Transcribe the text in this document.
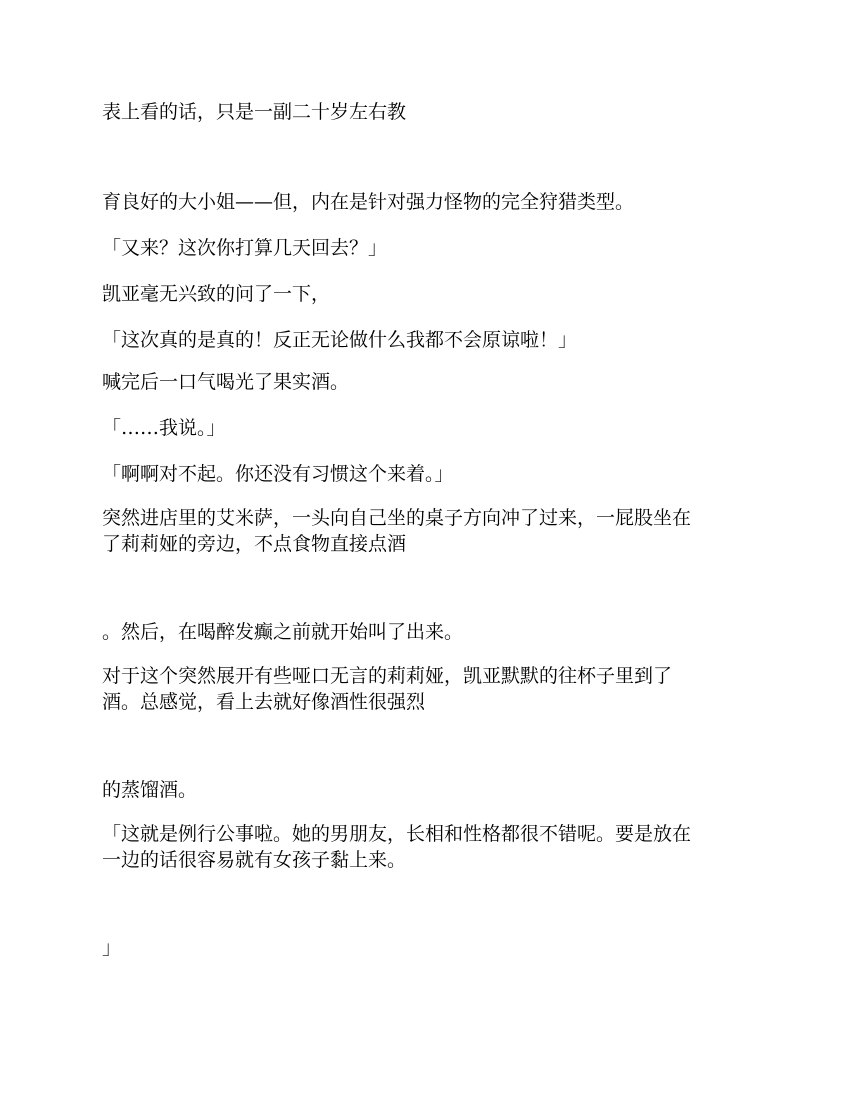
表上看的话，只是一副二十岁左右教

育良好的大小姐——但，内在是针对强力怪物的完全狩猎类型。

「又来？这次你打算几天回去？」

凯亚毫无兴致的问了一下，

「这次真的是真的！反正无论做什么我都不会原谅啦！」

喊完后一口气喝光了果实酒。

「……我说。」

「啊啊对不起。你还没有习惯这个来着。」

突然进店里的艾米萨，一头向自己坐的桌子方向冲了过来，一屁股坐在

了莉莉娅的旁边，不点食物直接点酒

。然后，在喝醉发癫之前就开始叫了出来。

对于这个突然展开有些哑口无言的莉莉娅，凯亚默默的往杯子里到了

酒。总感觉，看上去就好像酒性很强烈

的蒸馏酒。

「这就是例行公事啦。她的男朋友，长相和性格都很不错呢。要是放在

一边的话很容易就有女孩子黏上来。

」
